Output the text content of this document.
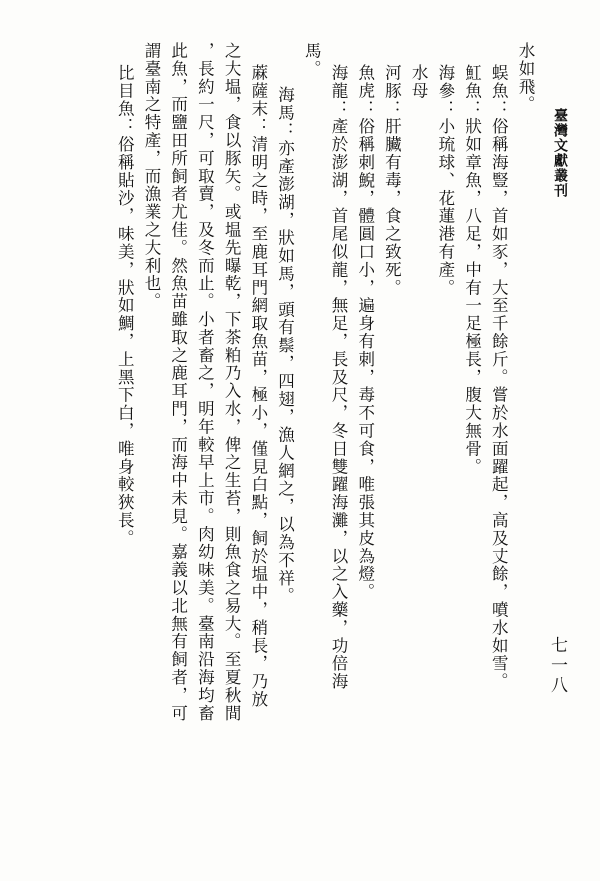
水如飛。
蜈魚：俗稱海豎，首如豕，大至千餘斤。嘗於水面躍起，高及丈餘，噴水如雪。
魟魚：狀如章魚，八足，中有一足極長，腹大無骨。
海參：小琉球、花蓮港有產。
水母
河豚：肝臟有毒，食之致死。
魚虎：俗稱刺鯢，體圓口小，遍身有刺，毒不可食，唯張其皮為燈。
海龍：產於澎湖，首尾似龍，無足，長及尺，冬日雙躍海灘，以之入藥，功倍海
馬。
海馬：亦產澎湖，狀如馬，頭有鬃，四翅，漁人網之，以為不祥。
蔴薩末：清明之時，至鹿耳門網取魚苗，極小，僅見白點，飼於塭中，稍長，乃放
之大塭，食以豚矢。或塭先曝乾，下茶粕乃入水，俾之生苔，則魚食之易大。至夏秋間
，長約一尺，可取賣，及冬而止。小者畜之，明年較早上市。肉幼味美。臺南沿海均畜
此魚，而鹽田所飼者尤佳。然魚苗雖取之鹿耳門，而海中未見。嘉義以北無有飼者，可
謂臺南之特產，而漁業之大利也。
比目魚：俗稱貼沙，味美，狀如鯛，上黑下白，唯身較狹長。	臺灣文獻叢刊
七一八
